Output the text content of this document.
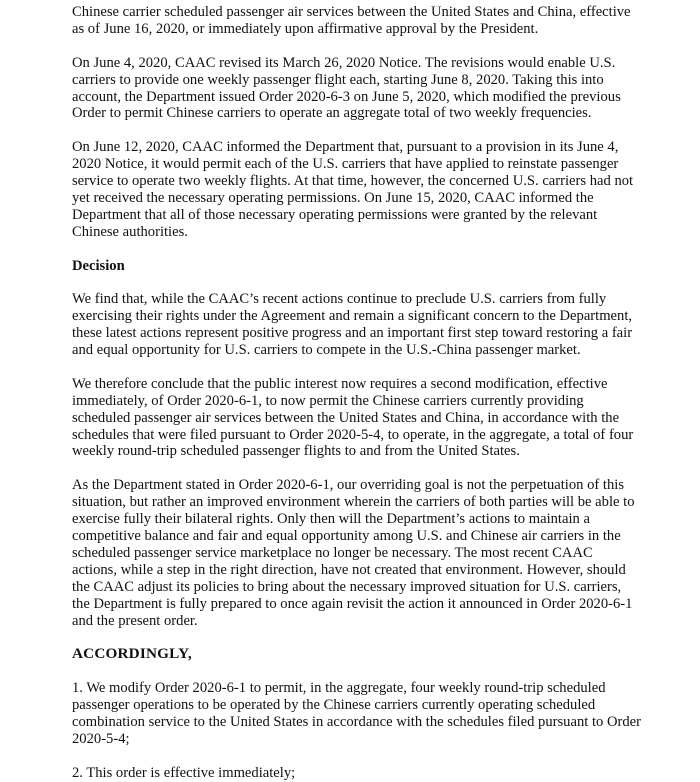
Chinese carrier scheduled passenger air services between the United States and China, effective
as of June 16, 2020, or immediately upon affirmative approval by the President.

On June 4, 2020, CAAC revised its March 26, 2020 Notice. The revisions would enable U.S.
carriers to provide one weekly passenger flight each, starting June 8, 2020. Taking this into
account, the Department issued Order 2020-6-3 on June 5, 2020, which modified the previous
Order to permit Chinese carriers to operate an aggregate total of two weekly frequencies.

On June 12, 2020, CAAC informed the Department that, pursuant to a provision in its June 4,
2020 Notice, it would permit each of the U.S. carriers that have applied to reinstate passenger
service to operate two weekly flights. At that time, however, the concerned U.S. carriers had not
yet received the necessary operating permissions. On June 15, 2020, CAAC informed the
Department that all of those necessary operating permissions were granted by the relevant
Chinese authorities.

Decision

We find that, while the CAAC’s recent actions continue to preclude U.S. carriers from fully
exercising their rights under the Agreement and remain a significant concern to the Department,
these latest actions represent positive progress and an important first step toward restoring a fair
and equal opportunity for U.S. carriers to compete in the U.S.-China passenger market.

We therefore conclude that the public interest now requires a second modification, effective
immediately, of Order 2020-6-1, to now permit the Chinese carriers currently providing
scheduled passenger air services between the United States and China, in accordance with the
schedules that were filed pursuant to Order 2020-5-4, to operate, in the aggregate, a total of four
weekly round-trip scheduled passenger flights to and from the United States.

As the Department stated in Order 2020-6-1, our overriding goal is not the perpetuation of this
situation, but rather an improved environment wherein the carriers of both parties will be able to
exercise fully their bilateral rights. Only then will the Department’s actions to maintain a
competitive balance and fair and equal opportunity among U.S. and Chinese air carriers in the
scheduled passenger service marketplace no longer be necessary. The most recent CAAC
actions, while a step in the right direction, have not created that environment. However, should
the CAAC adjust its policies to bring about the necessary improved situation for U.S. carriers,
the Department is fully prepared to once again revisit the action it announced in Order 2020-6-1
and the present order.

ACCORDINGLY,

1. We modify Order 2020-6-1 to permit, in the aggregate, four weekly round-trip scheduled
passenger operations to be operated by the Chinese carriers currently operating scheduled
combination service to the United States in accordance with the schedules filed pursuant to Order
2020-5-4;

2. This order is effective immediately;
